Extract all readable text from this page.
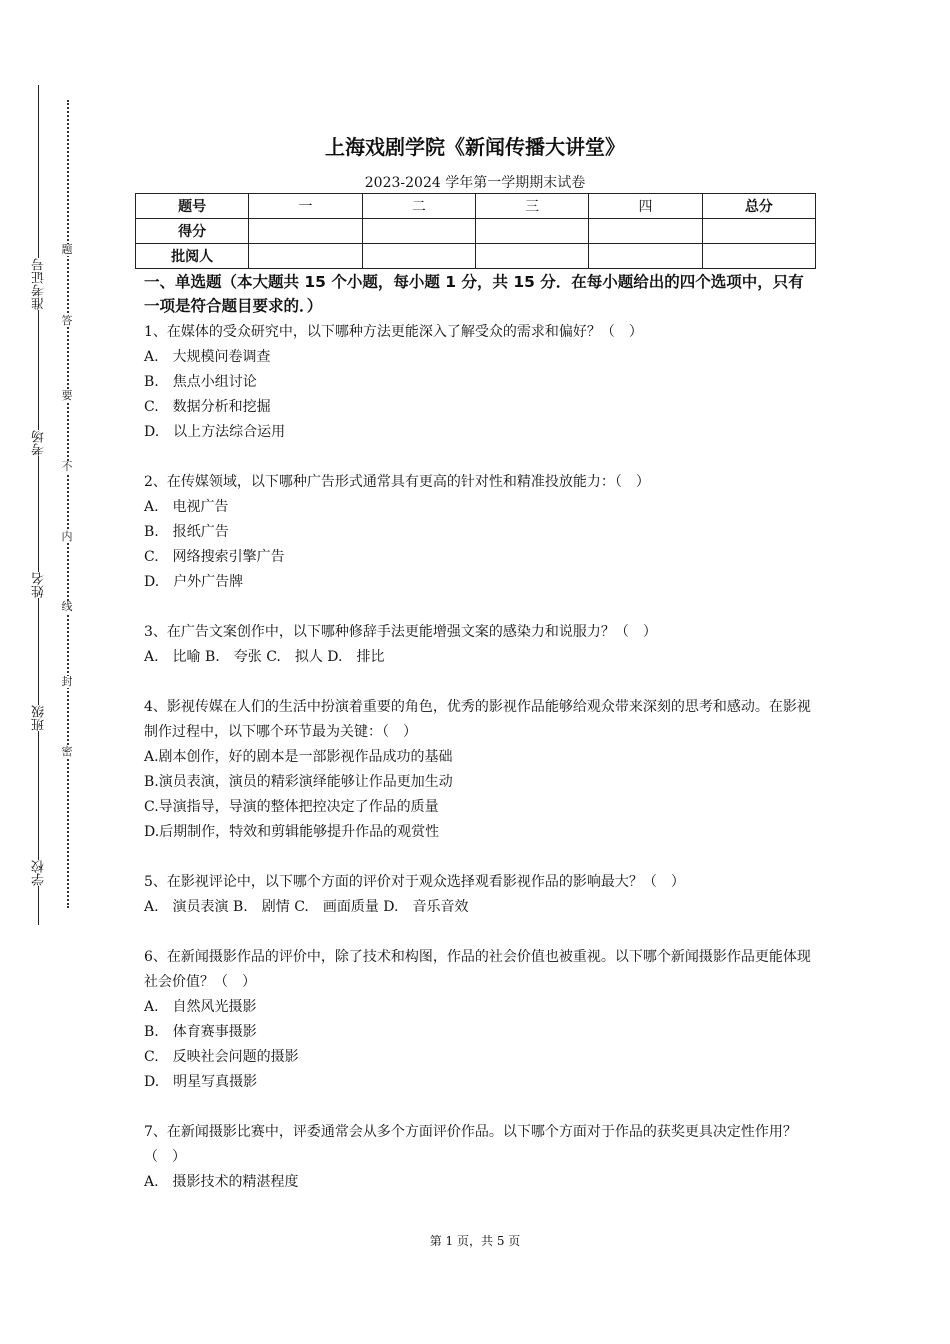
学校
班级
姓名
考场
准考证号
密
封
线
内
不
要
答
题
上海戏剧学院《新闻传播大讲堂》
2023-2024 学年第一学期期末试卷
题号	一	二	三	四	总分
得分					
批阅人					
一、单选题（本大题共 15 个小题，每小题 1 分，共 15 分．在每小题给出的四个选项中，只有一项是符合题目要求的．）

1、在媒体的受众研究中，以下哪种方法更能深入了解受众的需求和偏好？（　）

A.　大规模问卷调查

B.　焦点小组讨论

C.　数据分析和挖掘

D.　以上方法综合运用

2、在传媒领域，以下哪种广告形式通常具有更高的针对性和精准投放能力：（　）

A.　电视广告

B.　报纸广告

C.　网络搜索引擎广告

D.　户外广告牌

3、在广告文案创作中，以下哪种修辞手法更能增强文案的感染力和说服力？（　）

A.　比喻 B.　夸张 C.　拟人 D.　排比

4、影视传媒在人们的生活中扮演着重要的角色，优秀的影视作品能够给观众带来深刻的思考和感动。在影视制作过程中，以下哪个环节最为关键：（　）

A.剧本创作，好的剧本是一部影视作品成功的基础

B.演员表演，演员的精彩演绎能够让作品更加生动

C.导演指导，导演的整体把控决定了作品的质量

D.后期制作，特效和剪辑能够提升作品的观赏性

5、在影视评论中，以下哪个方面的评价对于观众选择观看影视作品的影响最大？（　）

A.　演员表演 B.　剧情 C.　画面质量 D.　音乐音效

6、在新闻摄影作品的评价中，除了技术和构图，作品的社会价值也被重视。以下哪个新闻摄影作品更能体现社会价值？（　）

A.　自然风光摄影

B.　体育赛事摄影

C.　反映社会问题的摄影

D.　明星写真摄影

7、在新闻摄影比赛中，评委通常会从多个方面评价作品。以下哪个方面对于作品的获奖更具决定性作用？（　）

A.　摄影技术的精湛程度

第 1 页，共 5 页
